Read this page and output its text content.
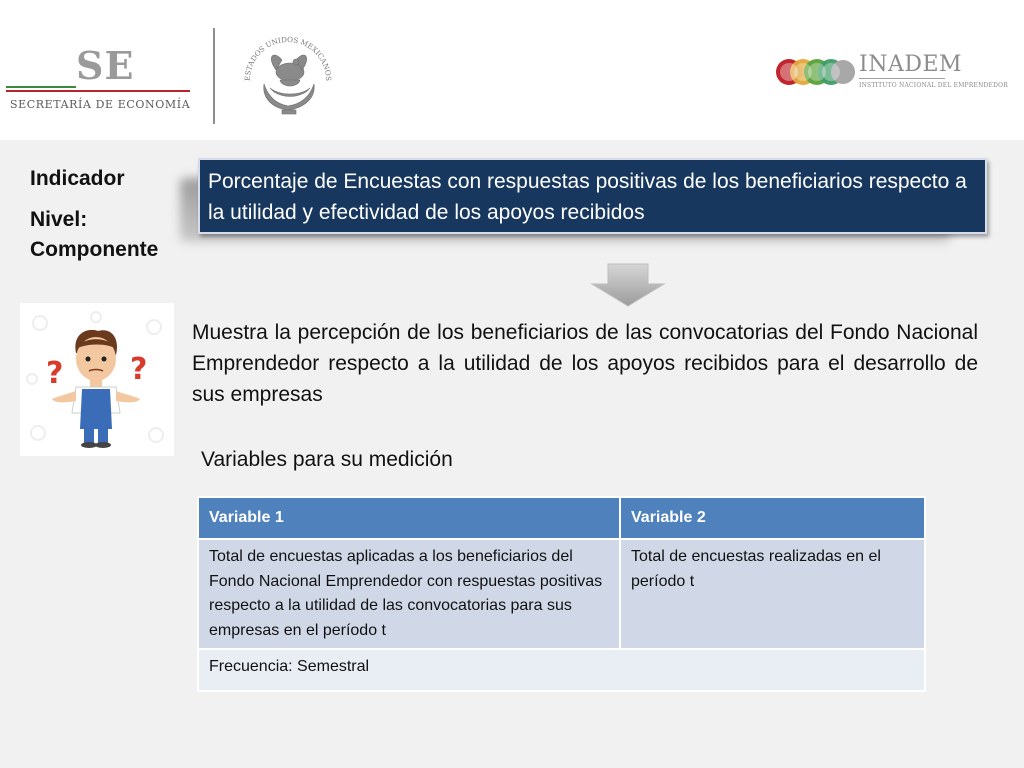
SE
SECRETARÍA DE ECONOMÍA
ESTADOS UNIDOS MEXICANOS
INADEM
INSTITUTO NACIONAL DEL EMPRENDEDOR
Indicador
Nivel:
Componente
Porcentaje de Encuestas con respuestas positivas de los beneficiarios respecto a la utilidad y efectividad de los apoyos recibidos
? ?
Muestra la percepción de los beneficiarios de las convocatorias del Fondo Nacional Emprendedor respecto a la utilidad de los apoyos recibidos para el desarrollo de sus empresas
Variables para su medición
Variable 1	Variable 2
Total de encuestas aplicadas a los beneficiarios del Fondo Nacional Emprendedor con respuestas positivas respecto a la utilidad de las convocatorias para sus empresas en el período t	Total de encuestas realizadas en el período t
Frecuencia: Semestral	
